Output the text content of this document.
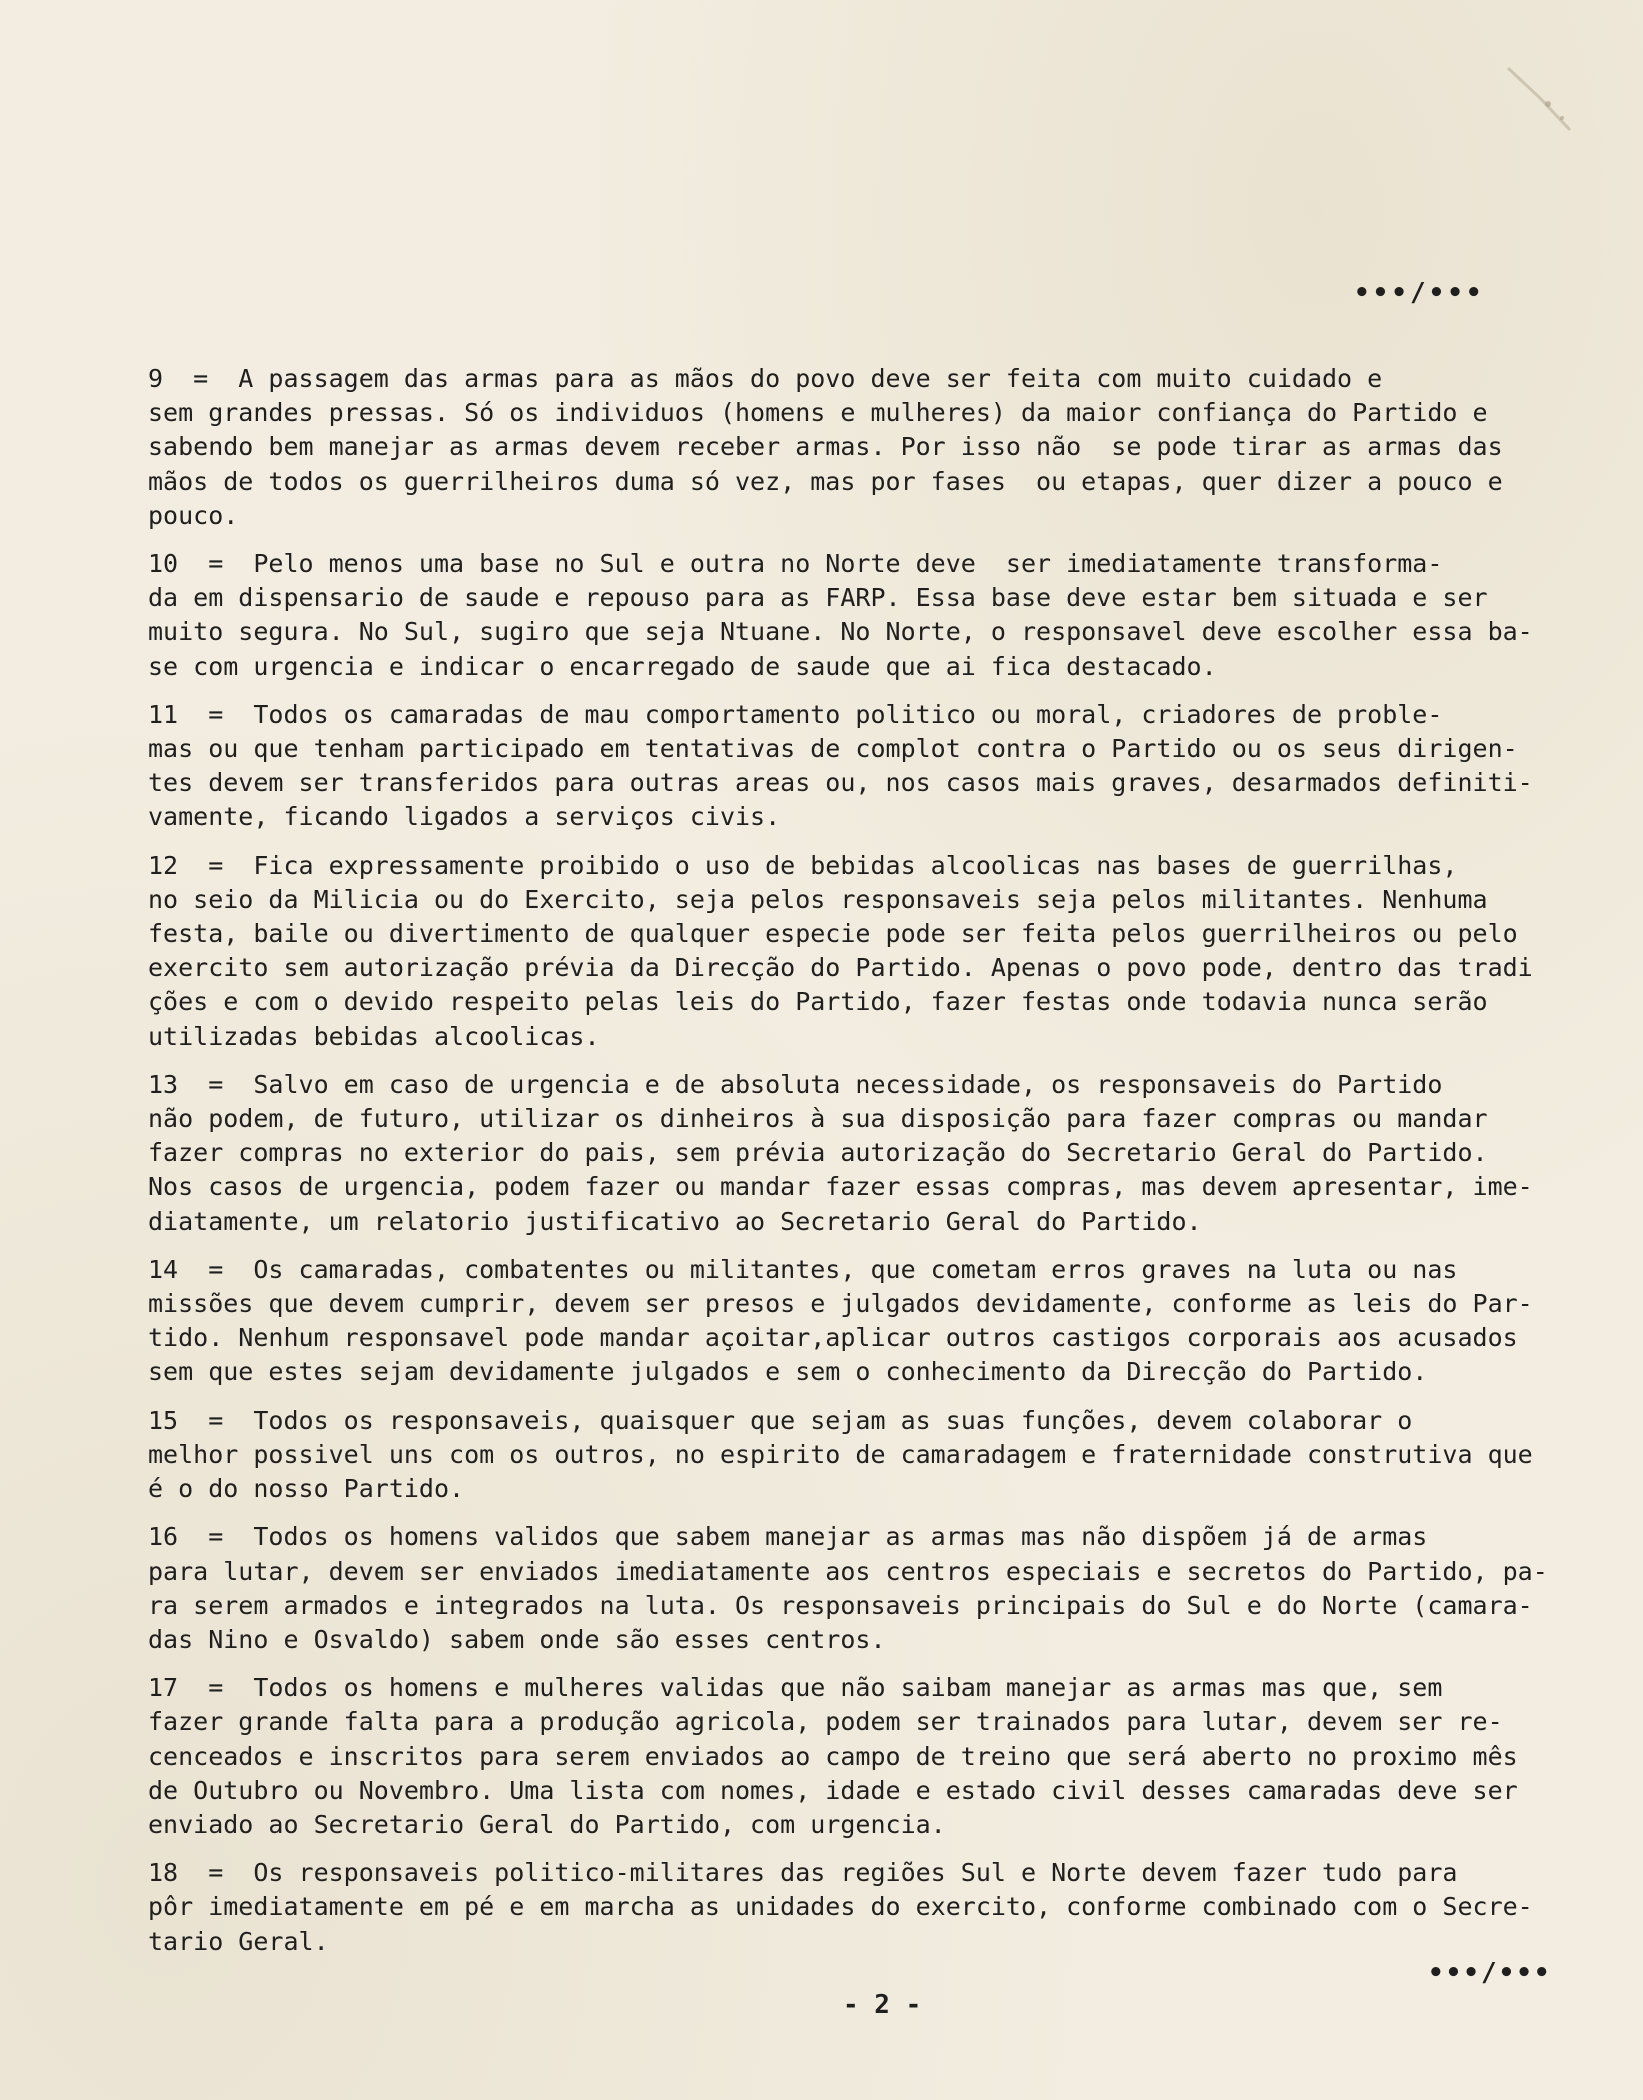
•••/•••
9  =  A passagem das armas para as mãos do povo deve ser feita com muito cuidado e
sem grandes pressas. Só os individuos (homens e mulheres) da maior confiança do Partido e
sabendo bem manejar as armas devem receber armas. Por isso não  se pode tirar as armas das
mãos de todos os guerrilheiros duma só vez, mas por fases  ou etapas, quer dizer a pouco e
pouco.
10  =  Pelo menos uma base no Sul e outra no Norte deve  ser imediatamente transforma-
da em dispensario de saude e repouso para as FARP. Essa base deve estar bem situada e ser
muito segura. No Sul, sugiro que seja Ntuane. No Norte, o responsavel deve escolher essa ba-
se com urgencia e indicar o encarregado de saude que ai fica destacado.
11  =  Todos os camaradas de mau comportamento politico ou moral, criadores de proble-
mas ou que tenham participado em tentativas de complot contra o Partido ou os seus dirigen-
tes devem ser transferidos para outras areas ou, nos casos mais graves, desarmados definiti-
vamente, ficando ligados a serviços civis.
12  =  Fica expressamente proibido o uso de bebidas alcoolicas nas bases de guerrilhas,
no seio da Milicia ou do Exercito, seja pelos responsaveis seja pelos militantes. Nenhuma
festa, baile ou divertimento de qualquer especie pode ser feita pelos guerrilheiros ou pelo
exercito sem autorização prévia da Direcção do Partido. Apenas o povo pode, dentro das tradi
ções e com o devido respeito pelas leis do Partido, fazer festas onde todavia nunca serão
utilizadas bebidas alcoolicas.
13  =  Salvo em caso de urgencia e de absoluta necessidade, os responsaveis do Partido
não podem, de futuro, utilizar os dinheiros à sua disposição para fazer compras ou mandar
fazer compras no exterior do pais, sem prévia autorização do Secretario Geral do Partido.
Nos casos de urgencia, podem fazer ou mandar fazer essas compras, mas devem apresentar, ime-
diatamente, um relatorio justificativo ao Secretario Geral do Partido.
14  =  Os camaradas, combatentes ou militantes, que cometam erros graves na luta ou nas
missões que devem cumprir, devem ser presos e julgados devidamente, conforme as leis do Par-
tido. Nenhum responsavel pode mandar açoitar,aplicar outros castigos corporais aos acusados
sem que estes sejam devidamente julgados e sem o conhecimento da Direcção do Partido.
15  =  Todos os responsaveis, quaisquer que sejam as suas funções, devem colaborar o
melhor possivel uns com os outros, no espirito de camaradagem e fraternidade construtiva que
é o do nosso Partido.
16  =  Todos os homens validos que sabem manejar as armas mas não dispõem já de armas
para lutar, devem ser enviados imediatamente aos centros especiais e secretos do Partido, pa-
ra serem armados e integrados na luta. Os responsaveis principais do Sul e do Norte (camara-
das Nino e Osvaldo) sabem onde são esses centros.
17  =  Todos os homens e mulheres validas que não saibam manejar as armas mas que, sem
fazer grande falta para a produção agricola, podem ser trainados para lutar, devem ser re-
cenceados e inscritos para serem enviados ao campo de treino que será aberto no proximo mês
de Outubro ou Novembro. Uma lista com nomes, idade e estado civil desses camaradas deve ser
enviado ao Secretario Geral do Partido, com urgencia.
18  =  Os responsaveis politico-militares das regiões Sul e Norte devem fazer tudo para
pôr imediatamente em pé e em marcha as unidades do exercito, conforme combinado com o Secre-
tario Geral.
•••/•••
- 2 -
